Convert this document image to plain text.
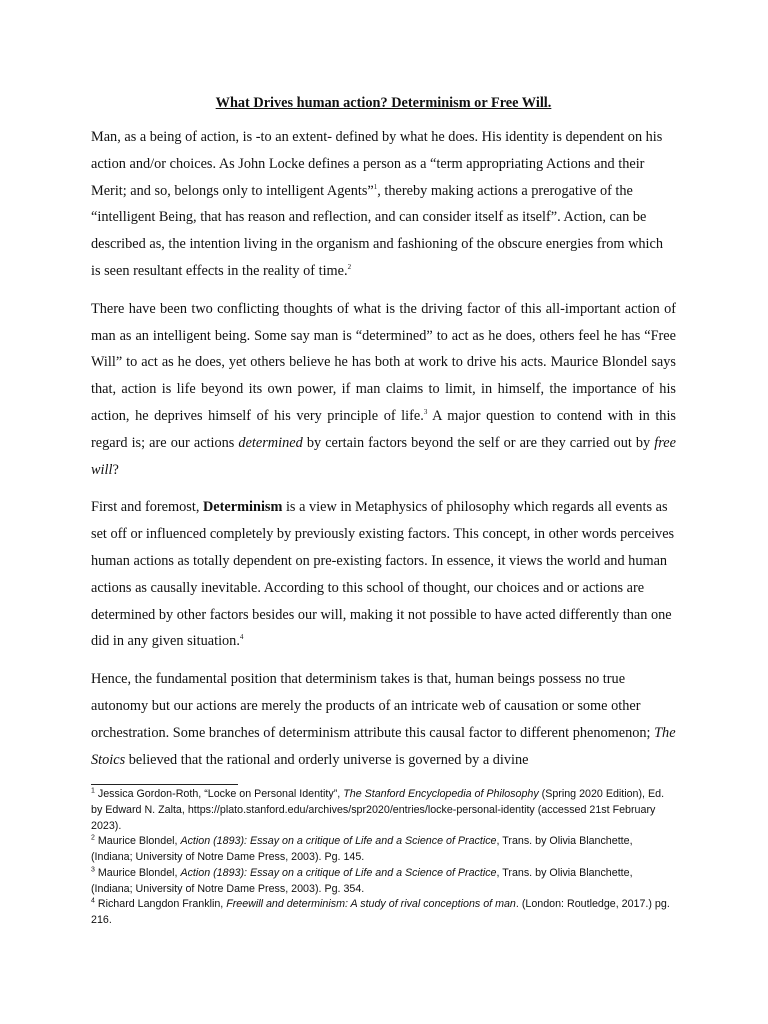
What Drives human action? Determinism or Free Will.

Man, as a being of action, is -to an extent- defined by what he does. His identity is dependent on his action and/or choices. As John Locke defines a person as a “term appropriating Actions and their Merit; and so, belongs only to intelligent Agents”$^1$, thereby making actions a prerogative of the “intelligent Being, that has reason and reflection, and can consider itself as itself”. Action, can be described as, the intention living in the organism and fashioning of the obscure energies from which is seen resultant effects in the reality of time.$^2$

There have been two conflicting thoughts of what is the driving factor of this all-important action of man as an intelligent being. Some say man is “determined” to act as he does, others feel he has “Free Will” to act as he does, yet others believe he has both at work to drive his acts. Maurice Blondel says that, action is life beyond its own power, if man claims to limit, in himself, the importance of his action, he deprives himself of his very principle of life.$^3$ A major question to contend with in this regard is; are our actions determined by certain factors beyond the self or are they carried out by free will?

First and foremost, Determinism is a view in Metaphysics of philosophy which regards all events as set off or influenced completely by previously existing factors. This concept, in other words perceives human actions as totally dependent on pre-existing factors. In essence, it views the world and human actions as causally inevitable. According to this school of thought, our choices and or actions are determined by other factors besides our will, making it not possible to have acted differently than one did in any given situation.$^4$

Hence, the fundamental position that determinism takes is that, human beings possess no true autonomy but our actions are merely the products of an intricate web of causation or some other orchestration. Some branches of determinism attribute this causal factor to different phenomenon; The Stoics believed that the rational and orderly universe is governed by a divine

$^1$ Jessica Gordon-Roth, “Locke on Personal Identity”, The Stanford Encyclopedia of Philosophy (Spring 2020 Edition), Ed. by Edward N. Zalta, https://plato.stanford.edu/archives/spr2020/entries/locke-personal-identity (accessed 21st February 2023).

$^2$ Maurice Blondel, Action (1893): Essay on a critique of Life and a Science of Practice, Trans. by Olivia Blanchette, (Indiana; University of Notre Dame Press, 2003). Pg. 145.

$^3$ Maurice Blondel, Action (1893): Essay on a critique of Life and a Science of Practice, Trans. by Olivia Blanchette, (Indiana; University of Notre Dame Press, 2003). Pg. 354.

$^4$ Richard Langdon Franklin, Freewill and determinism: A study of rival conceptions of man. (London: Routledge, 2017.) pg. 216.
